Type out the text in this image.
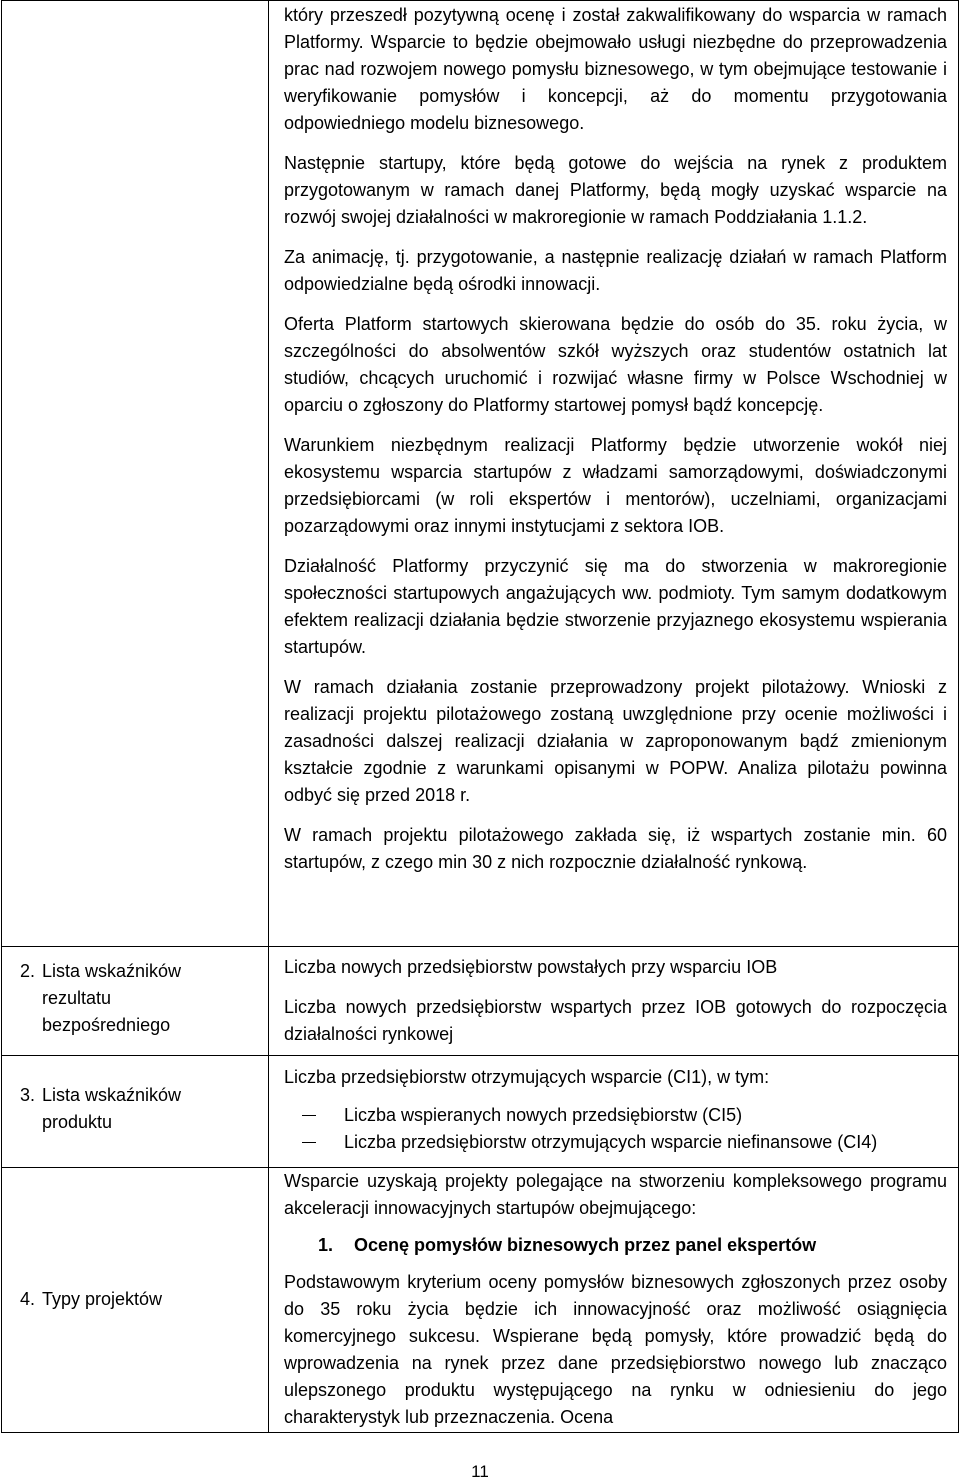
który przeszedł pozytywną ocenę i został zakwalifikowany do wsparcia w ramach Platformy. Wsparcie to będzie obejmowało usługi niezbędne do przeprowadzenia prac nad rozwojem nowego pomysłu biznesowego, w tym obejmujące testowanie i weryfikowanie pomysłów i koncepcji, aż do momentu przygotowania odpowiedniego modelu biznesowego.

Następnie startupy, które będą gotowe do wejścia na rynek z produktem przygotowanym w ramach danej Platformy, będą mogły uzyskać wsparcie na rozwój swojej działalności w makroregionie w ramach Poddziałania 1.1.2.

Za animację, tj. przygotowanie, a następnie realizację działań w ramach Platform odpowiedzialne będą ośrodki innowacji.

Oferta Platform startowych skierowana będzie do osób do 35. roku życia, w szczególności do absolwentów szkół wyższych oraz studentów ostatnich lat studiów, chcących uruchomić i rozwijać własne firmy w Polsce Wschodniej w oparciu o zgłoszony do Platformy startowej pomysł bądź koncepcję.

Warunkiem niezbędnym realizacji Platformy będzie utworzenie wokół niej ekosystemu wsparcia startupów z władzami samorządowymi, doświadczonymi przedsiębiorcami (w roli ekspertów i mentorów), uczelniami, organizacjami pozarządowymi oraz innymi instytucjami z sektora IOB.

Działalność Platformy przyczynić się ma do stworzenia w makroregionie społeczności startupowych angażujących ww. podmioty. Tym samym dodatkowym efektem realizacji działania będzie stworzenie przyjaznego ekosystemu wspierania startupów.

W ramach działania zostanie przeprowadzony projekt pilotażowy. Wnioski z realizacji projektu pilotażowego zostaną uwzględnione przy ocenie możliwości i zasadności dalszej realizacji działania w zaproponowanym bądź zmienionym kształcie zgodnie z warunkami opisanymi w POPW. Analiza pilotażu powinna odbyć się przed 2018 r.

W ramach projektu pilotażowego zakłada się, iż wspartych zostanie min. 60 startupów, z czego min 30 z nich rozpocznie działalność rynkową.

2. Lista wskaźników rezultatu bezpośredniego

Liczba nowych przedsiębiorstw powstałych przy wsparciu IOB

Liczba nowych przedsiębiorstw wspartych przez IOB gotowych do rozpoczęcia działalności rynkowej

3. Lista wskaźników produktu

Liczba przedsiębiorstw otrzymujących wsparcie (CI1), w tym:

Liczba wspieranych nowych przedsiębiorstw (CI5)

Liczba przedsiębiorstw otrzymujących wsparcie niefinansowe (CI4)

4. Typy projektów

Wsparcie uzyskają projekty polegające na stworzeniu kompleksowego programu akceleracji innowacyjnych startupów obejmującego:

1. Ocenę pomysłów biznesowych przez panel ekspertów

Podstawowym kryterium oceny pomysłów biznesowych zgłoszonych przez osoby do 35 roku życia będzie ich innowacyjność oraz możliwość osiągnięcia komercyjnego sukcesu. Wspierane będą pomysły, które prowadzić będą do wprowadzenia na rynek przez dane przedsiębiorstwo nowego lub znacząco ulepszonego produktu występującego na rynku w odniesieniu do jego charakterystyk lub przeznaczenia. Ocena

11
